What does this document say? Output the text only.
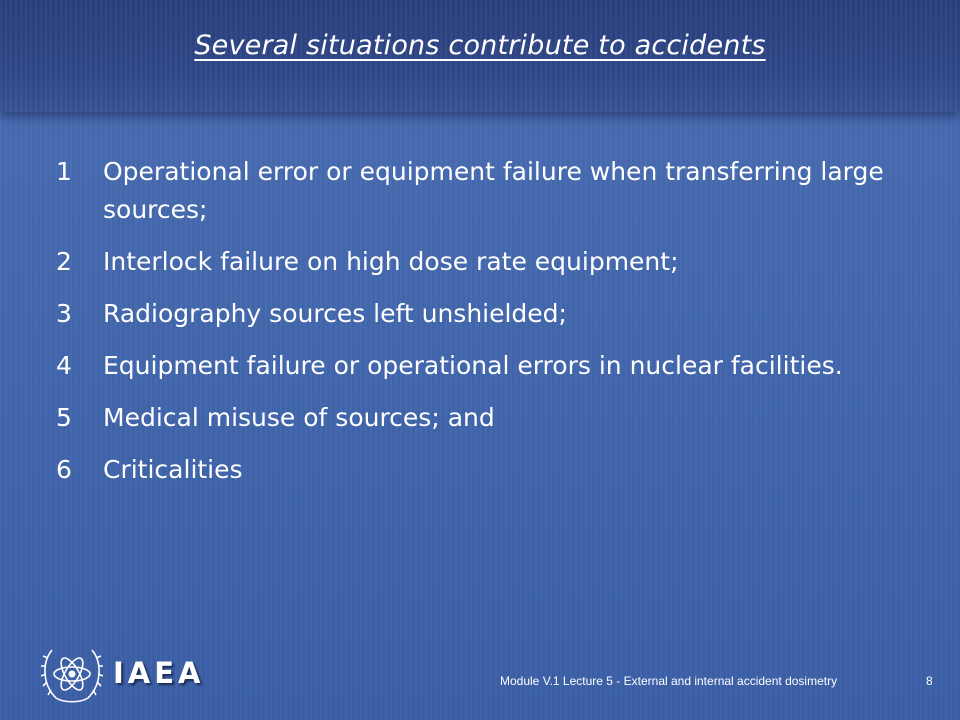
Several situations contribute to accidents
1	Operational error or equipment failure when transferring large sources;
2	Interlock failure on high dose rate equipment;
3	Radiography sources left unshielded;
4	Equipment failure or operational errors in nuclear facilities.
5	Medical misuse of sources; and
6	Criticalities
IAEA	Module V.1 Lecture 5 - External and internal accident dosimetry	8
